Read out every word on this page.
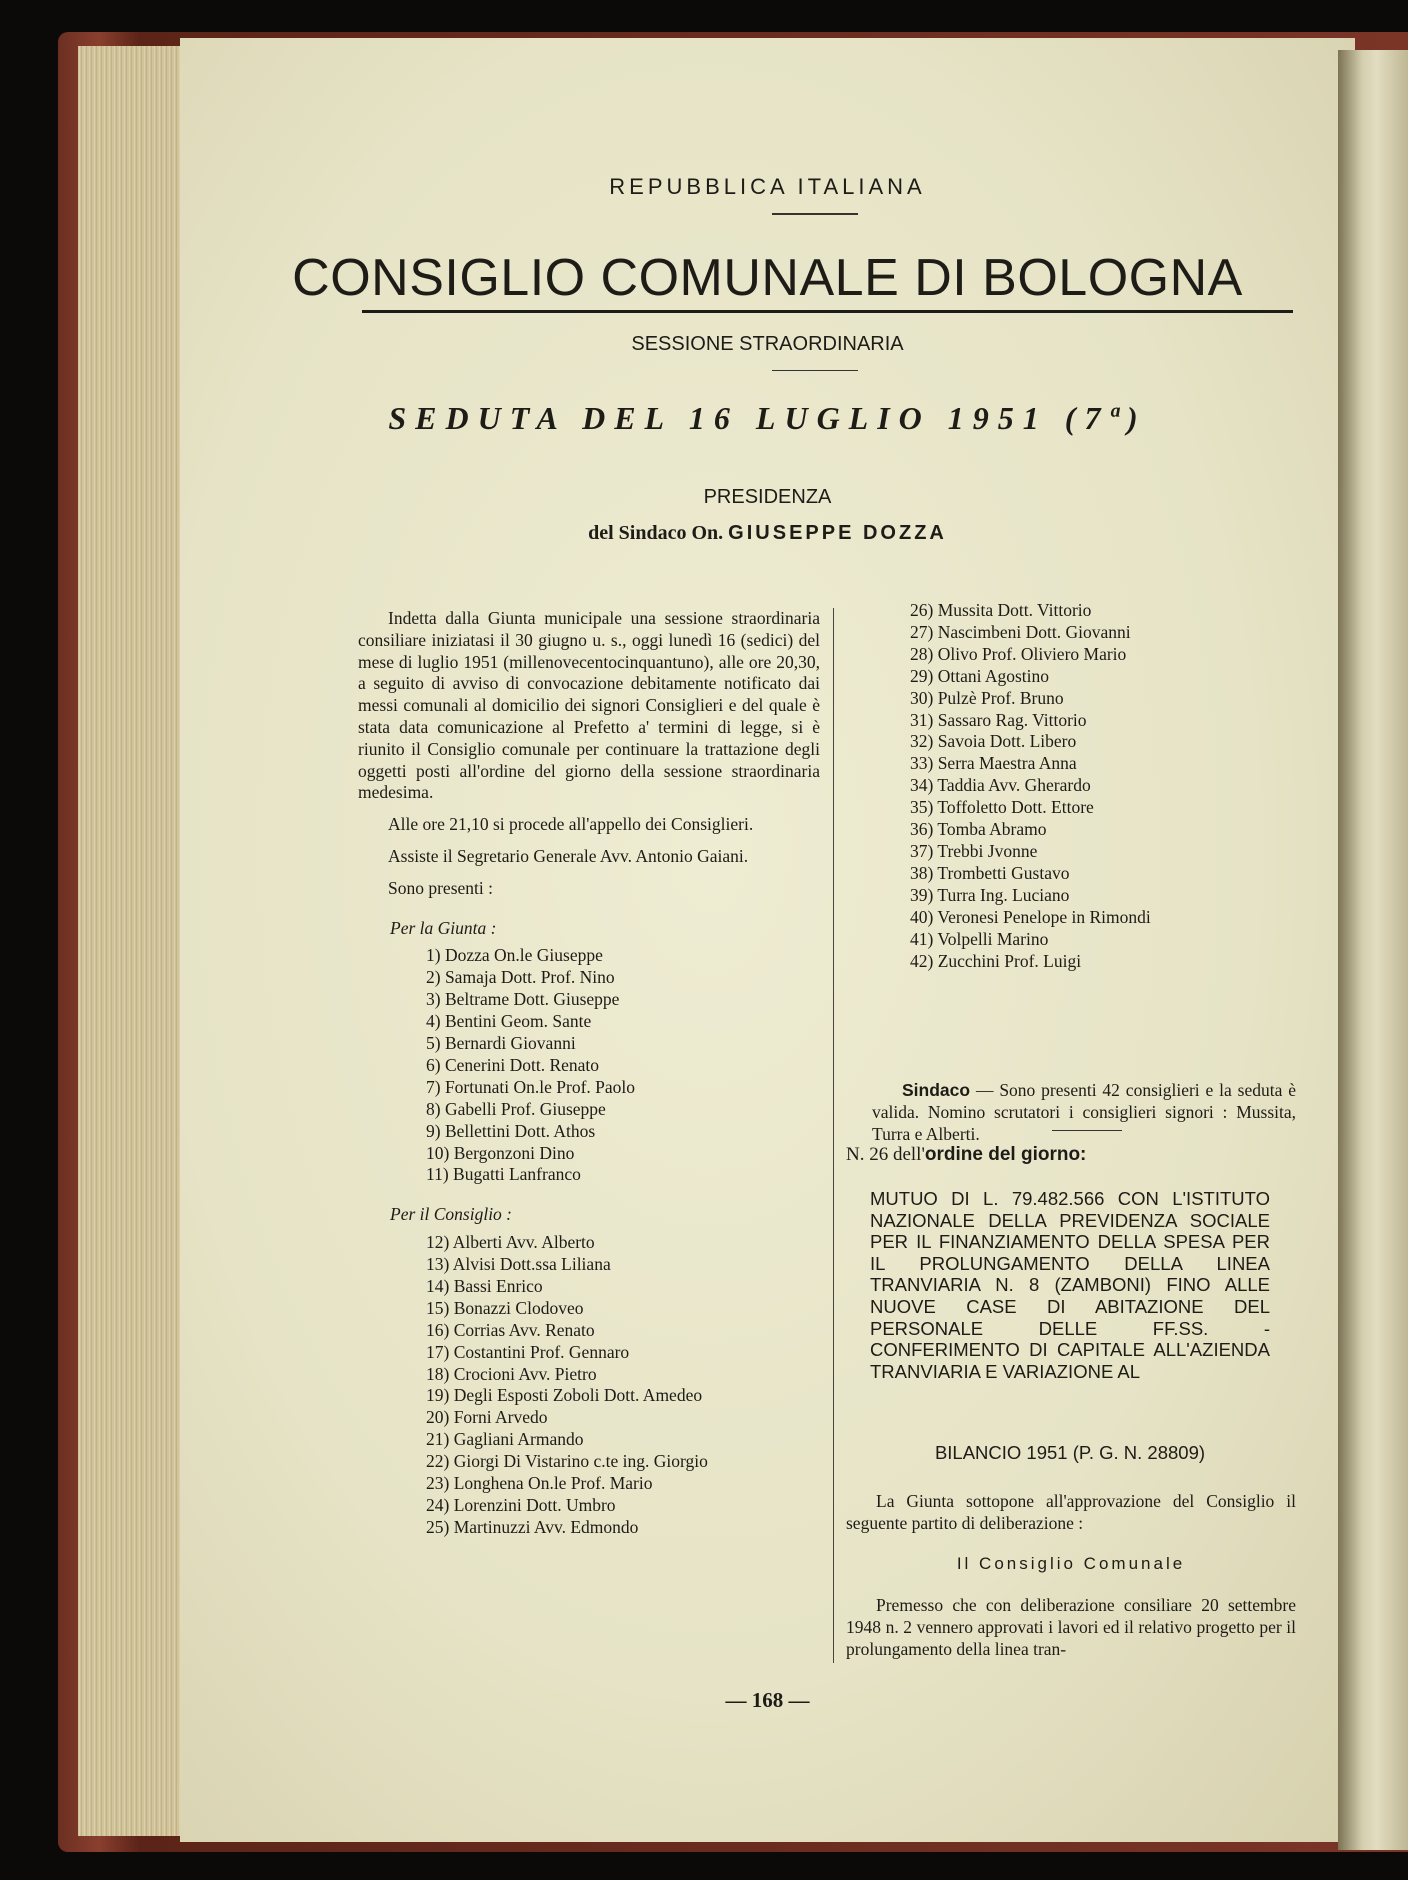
REPUBBLICA ITALIANA
CONSIGLIO COMUNALE DI BOLOGNA
SESSIONE STRAORDINARIA
SEDUTA DEL 16 LUGLIO 1951 (7ª)
PRESIDENZA
del Sindaco On. GIUSEPPE DOZZA

Indetta dalla Giunta municipale una sessione straordinaria consiliare iniziatasi il 30 giugno u. s., oggi lunedì 16 (sedici) del mese di luglio 1951 (millenovecentocinquantuno), alle ore 20,30, a seguito di avviso di convocazione debitamente notificato dai messi comunali al domicilio dei signori Consiglieri e del quale è stata data comunicazione al Prefetto a' termini di legge, si è riunito il Consiglio comunale per continuare la trattazione degli oggetti posti all'ordine del giorno della sessione straordinaria medesima.

Alle ore 21,10 si procede all'appello dei Consiglieri.

Assiste il Segretario Generale Avv. Antonio Gaiani.

Sono presenti :

Per la Giunta :
1) Dozza On.le Giuseppe
2) Samaja Dott. Prof. Nino
3) Beltrame Dott. Giuseppe
4) Bentini Geom. Sante
5) Bernardi Giovanni
6) Cenerini Dott. Renato
7) Fortunati On.le Prof. Paolo
8) Gabelli Prof. Giuseppe
9) Bellettini Dott. Athos
10) Bergonzoni Dino
11) Bugatti Lanfranco
Per il Consiglio :
12) Alberti Avv. Alberto
13) Alvisi Dott.ssa Liliana
14) Bassi Enrico
15) Bonazzi Clodoveo
16) Corrias Avv. Renato
17) Costantini Prof. Gennaro
18) Crocioni Avv. Pietro
19) Degli Esposti Zoboli Dott. Amedeo
20) Forni Arvedo
21) Gagliani Armando
22) Giorgi Di Vistarino c.te ing. Giorgio
23) Longhena On.le Prof. Mario
24) Lorenzini Dott. Umbro
25) Martinuzzi Avv. Edmondo
26) Mussita Dott. Vittorio
27) Nascimbeni Dott. Giovanni
28) Olivo Prof. Oliviero Mario
29) Ottani Agostino
30) Pulzè Prof. Bruno
31) Sassaro Rag. Vittorio
32) Savoia Dott. Libero
33) Serra Maestra Anna
34) Taddia Avv. Gherardo
35) Toffoletto Dott. Ettore
36) Tomba Abramo
37) Trebbi Jvonne
38) Trombetti Gustavo
39) Turra Ing. Luciano
40) Veronesi Penelope in Rimondi
41) Volpelli Marino
42) Zucchini Prof. Luigi
Sindaco — Sono presenti 42 consiglieri e la seduta è valida. Nomino scrutatori i consiglieri signori : Mussita, Turra e Alberti.
N. 26 dell'ordine del giorno:
MUTUO DI L. 79.482.566 CON L'ISTITUTO NAZIONALE DELLA PREVIDENZA SOCIALE PER IL FINANZIAMENTO DELLA SPESA PER IL PROLUNGAMENTO DELLA LINEA TRANVIARIA N. 8 (ZAMBONI) FINO ALLE NUOVE CASE DI ABITAZIONE DEL PERSONALE DELLE FF.SS. - CONFERIMENTO DI CAPITALE ALL'AZIENDA TRANVIARIA E VARIAZIONE AL
BILANCIO 1951 (P. G. N. 28809)
La Giunta sottopone all'approvazione del Consiglio il seguente partito di deliberazione :
Il Consiglio Comunale
Premesso che con deliberazione consiliare 20 settembre 1948 n. 2 vennero approvati i lavori ed il relativo progetto per il prolungamento della linea tran-
— 168 —
